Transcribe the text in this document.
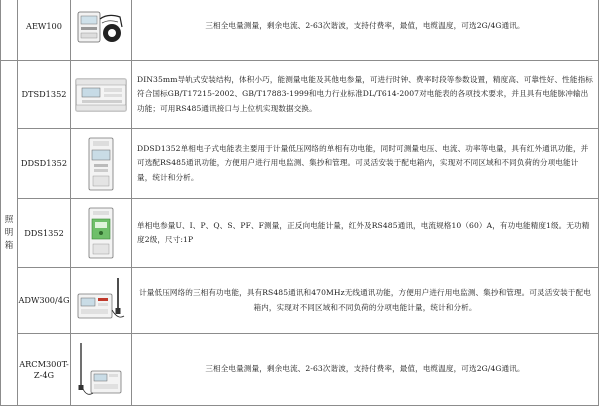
	AEW100		三相全电量测量，剩余电流、2-63次谐波，支持付费率，最值，电缆温度，可选2G/4G通讯。

照明箱	DTSD1352		DIN35mm导轨式安装结构，体积小巧，能测量电能及其他电参量，可进行时钟、费率时段等参数设置，精度高、可靠性好、性能指标符合国标GB/T17215-2002、GB/T17883-1999和电力行业标准DL/T614-2007对电能表的各项技术要求，并且具有电能脉冲输出功能；可用RS485通讯接口与上位机实现数据交换。
	DDSD1352		DDSD1352单相电子式电能表主要用于计量低压网络的单相有功电能，同时可测量电压、电流、功率等电量，具有红外通讯功能，并可选配RS485通讯功能，方便用户进行用电监测、集抄和管理。可灵活安装于配电箱内，实现对不同区域和不同负荷的分项电能计量，统计和分析。
	DDS1352		单相电参量U、I、P、Q、S、PF、F测量，正反向电能计量，红外及RS485通讯，电流规格10（60）A，有功电能精度1级。无功精度2级，尺寸:1P
	ADW300/4G		计量低压网络的三相有功电能，具有RS485通讯和470MHz无线通讯功能，方便用户进行用电监测、集抄和管理。可灵活安装于配电箱内，实现对不同区域和不同负荷的分项电能计量，统计和分析。
	ARCM300T-Z-4G		三相全电量测量，剩余电流、2-63次谐波，支持付费率，最值，电缆温度，可选2G/4G通讯。
